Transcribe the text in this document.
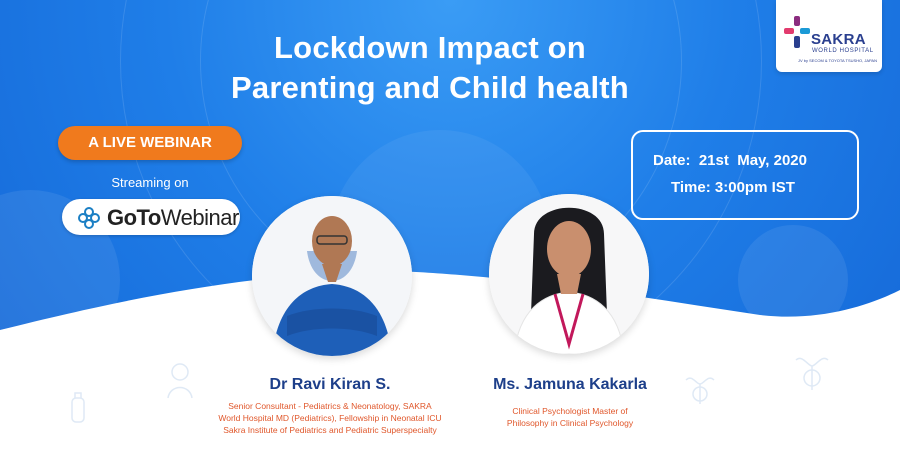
Lockdown Impact on
Parenting and Child health
SAKRA
WORLD HOSPITAL
JV by SECOM & TOYOTA TSUSHO, JAPAN
A LIVE WEBINAR
Streaming on
GoToWebinar
Date:  21st  May, 2020
Time: 3:00pm IST
Dr Ravi Kiran S.
Senior Consultant - Pediatrics & Neonatology, SAKRA
World Hospital MD (Pediatrics), Fellowship in Neonatal ICU
Sakra Institute of Pediatrics and Pediatric Superspecialty
Ms. Jamuna Kakarla
Clinical Psychologist Master of
Philosophy in Clinical Psychology
